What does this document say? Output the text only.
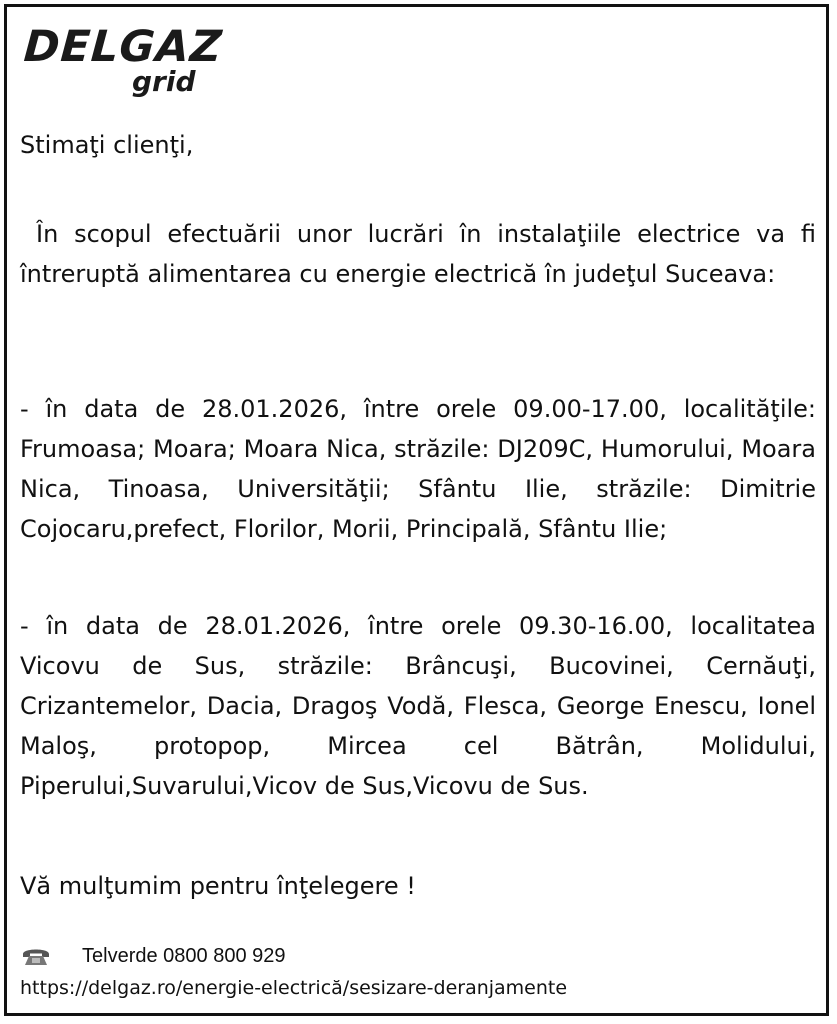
DELGAZ
grid
Stimaţi clienţi,
În scopul efectuării unor lucrări în instalaţiile electrice va fi întreruptă alimentarea cu energie electrică în judeţul Suceava:
- în data de 28.01.2026, între orele 09.00-17.00, localităţile: Frumoasa; Moara; Moara Nica, străzile: DJ209C, Humorului, Moara Nica, Tinoasa, Universităţii; Sfântu Ilie, străzile: Dimitrie Cojocaru,prefect, Florilor, Morii, Principală, Sfântu Ilie;
- în data de 28.01.2026, între orele 09.30-16.00, localitatea Vicovu de Sus, străzile: Brâncuşi, Bucovinei, Cernăuţi, Crizantemelor, Dacia, Dragoş Vodă, Flesca, George Enescu, Ionel Maloş, protopop, Mircea cel Bătrân, Molidului, Piperului,Suvarului,Vicov de Sus,Vicovu de Sus.
Vă mulţumim pentru înţelegere !
Telverde 0800 800 929
https://delgaz.ro/energie-electrică/sesizare-deranjamente
